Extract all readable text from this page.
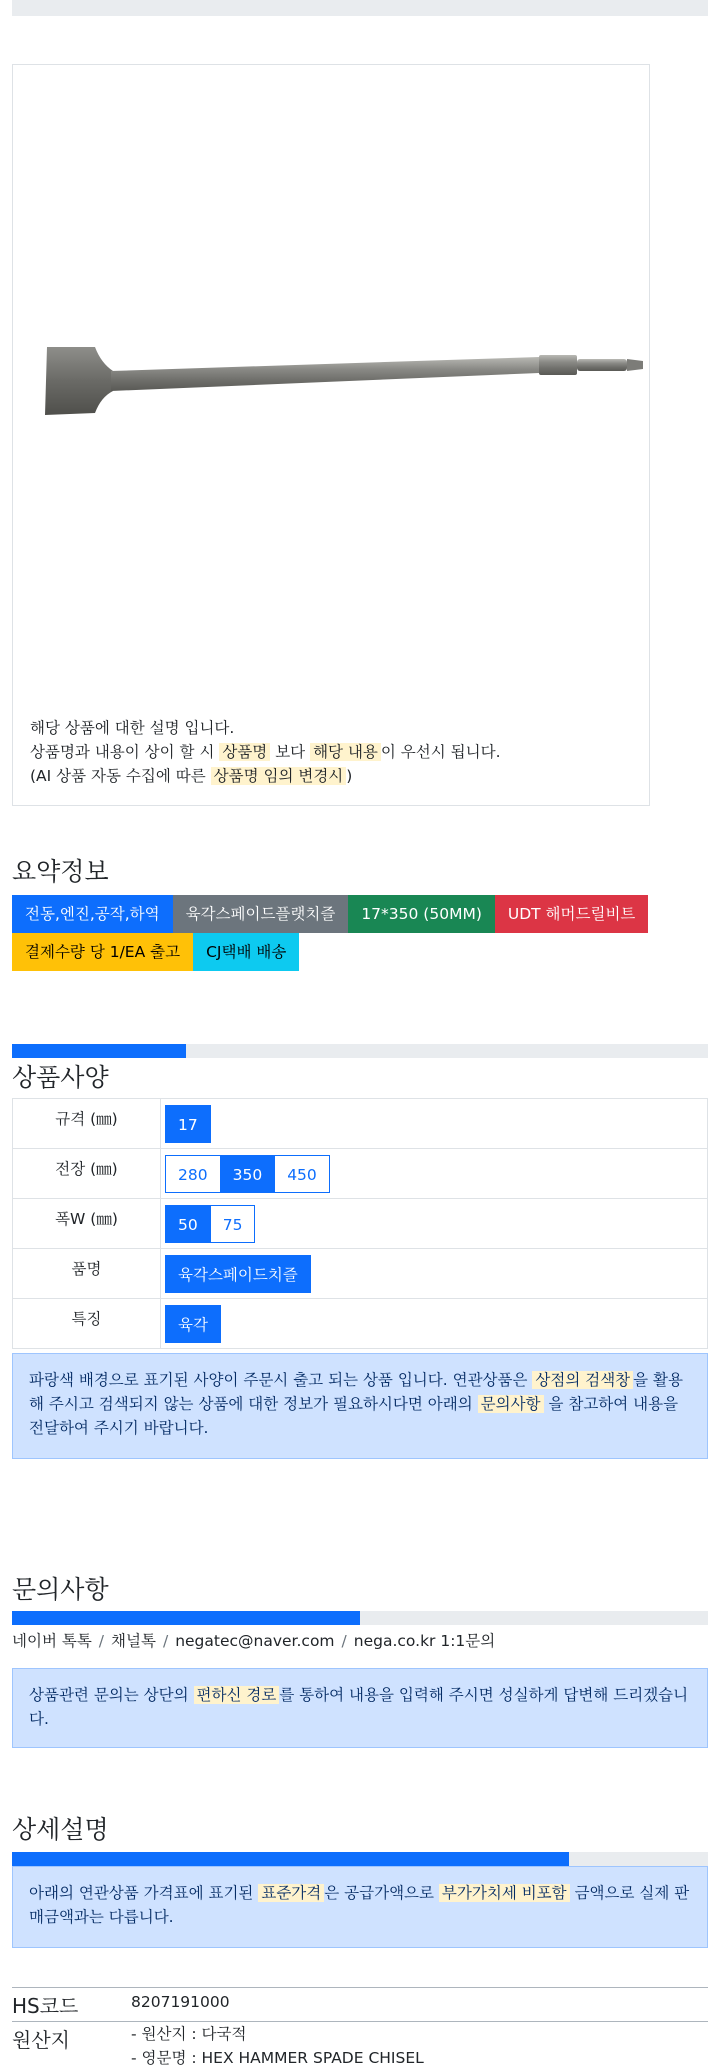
해당 상품에 대한 설명 입니다.
상품명과 내용이 상이 할 시 상품명 보다 해당 내용 이 우선시 됩니다.
(AI 상품 자동 수집에 따른 상품명 임의 변경시 )
요약정보
전동,엔진,공작,하역	육각스페이드플랫치즐	17*350 (50MM)	UDT 해머드릴비트
결제수량 당 1/EA 출고	CJ택배 배송
상품사양
규격 (㎜)	17

전장 (㎜)	280 350 450

폭W (㎜)	50 75

품명	육각스페이드치즐

특징	육각
파랑색 배경으로 표기된 사양이 주문시 출고 되는 상품 입니다. 연관상품은 상점의 검색창 을 활용해 주시고 검색되지 않는 상품에 대한 정보가 필요하시다면 아래의 문의사항 을 참고하여 내용을 전달하여 주시기 바랍니다.
문의사항
네이버 톡톡 / 채널톡 / negatec@naver.com / nega.co.kr 1:1문의
상품관련 문의는 상단의 편하신 경로 를 통하여 내용을 입력해 주시면 성실하게 답변해 드리겠습니다.
상세설명
아래의 연관상품 가격표에 표기된 표준가격 은 공급가액으로 부가가치세 비포함 금액으로 실제 판매금액과는 다릅니다.
HS코드	8207191000
원산지	- 원산지 : 다국적
- 영문명 : HEX HAMMER SPADE CHISEL
